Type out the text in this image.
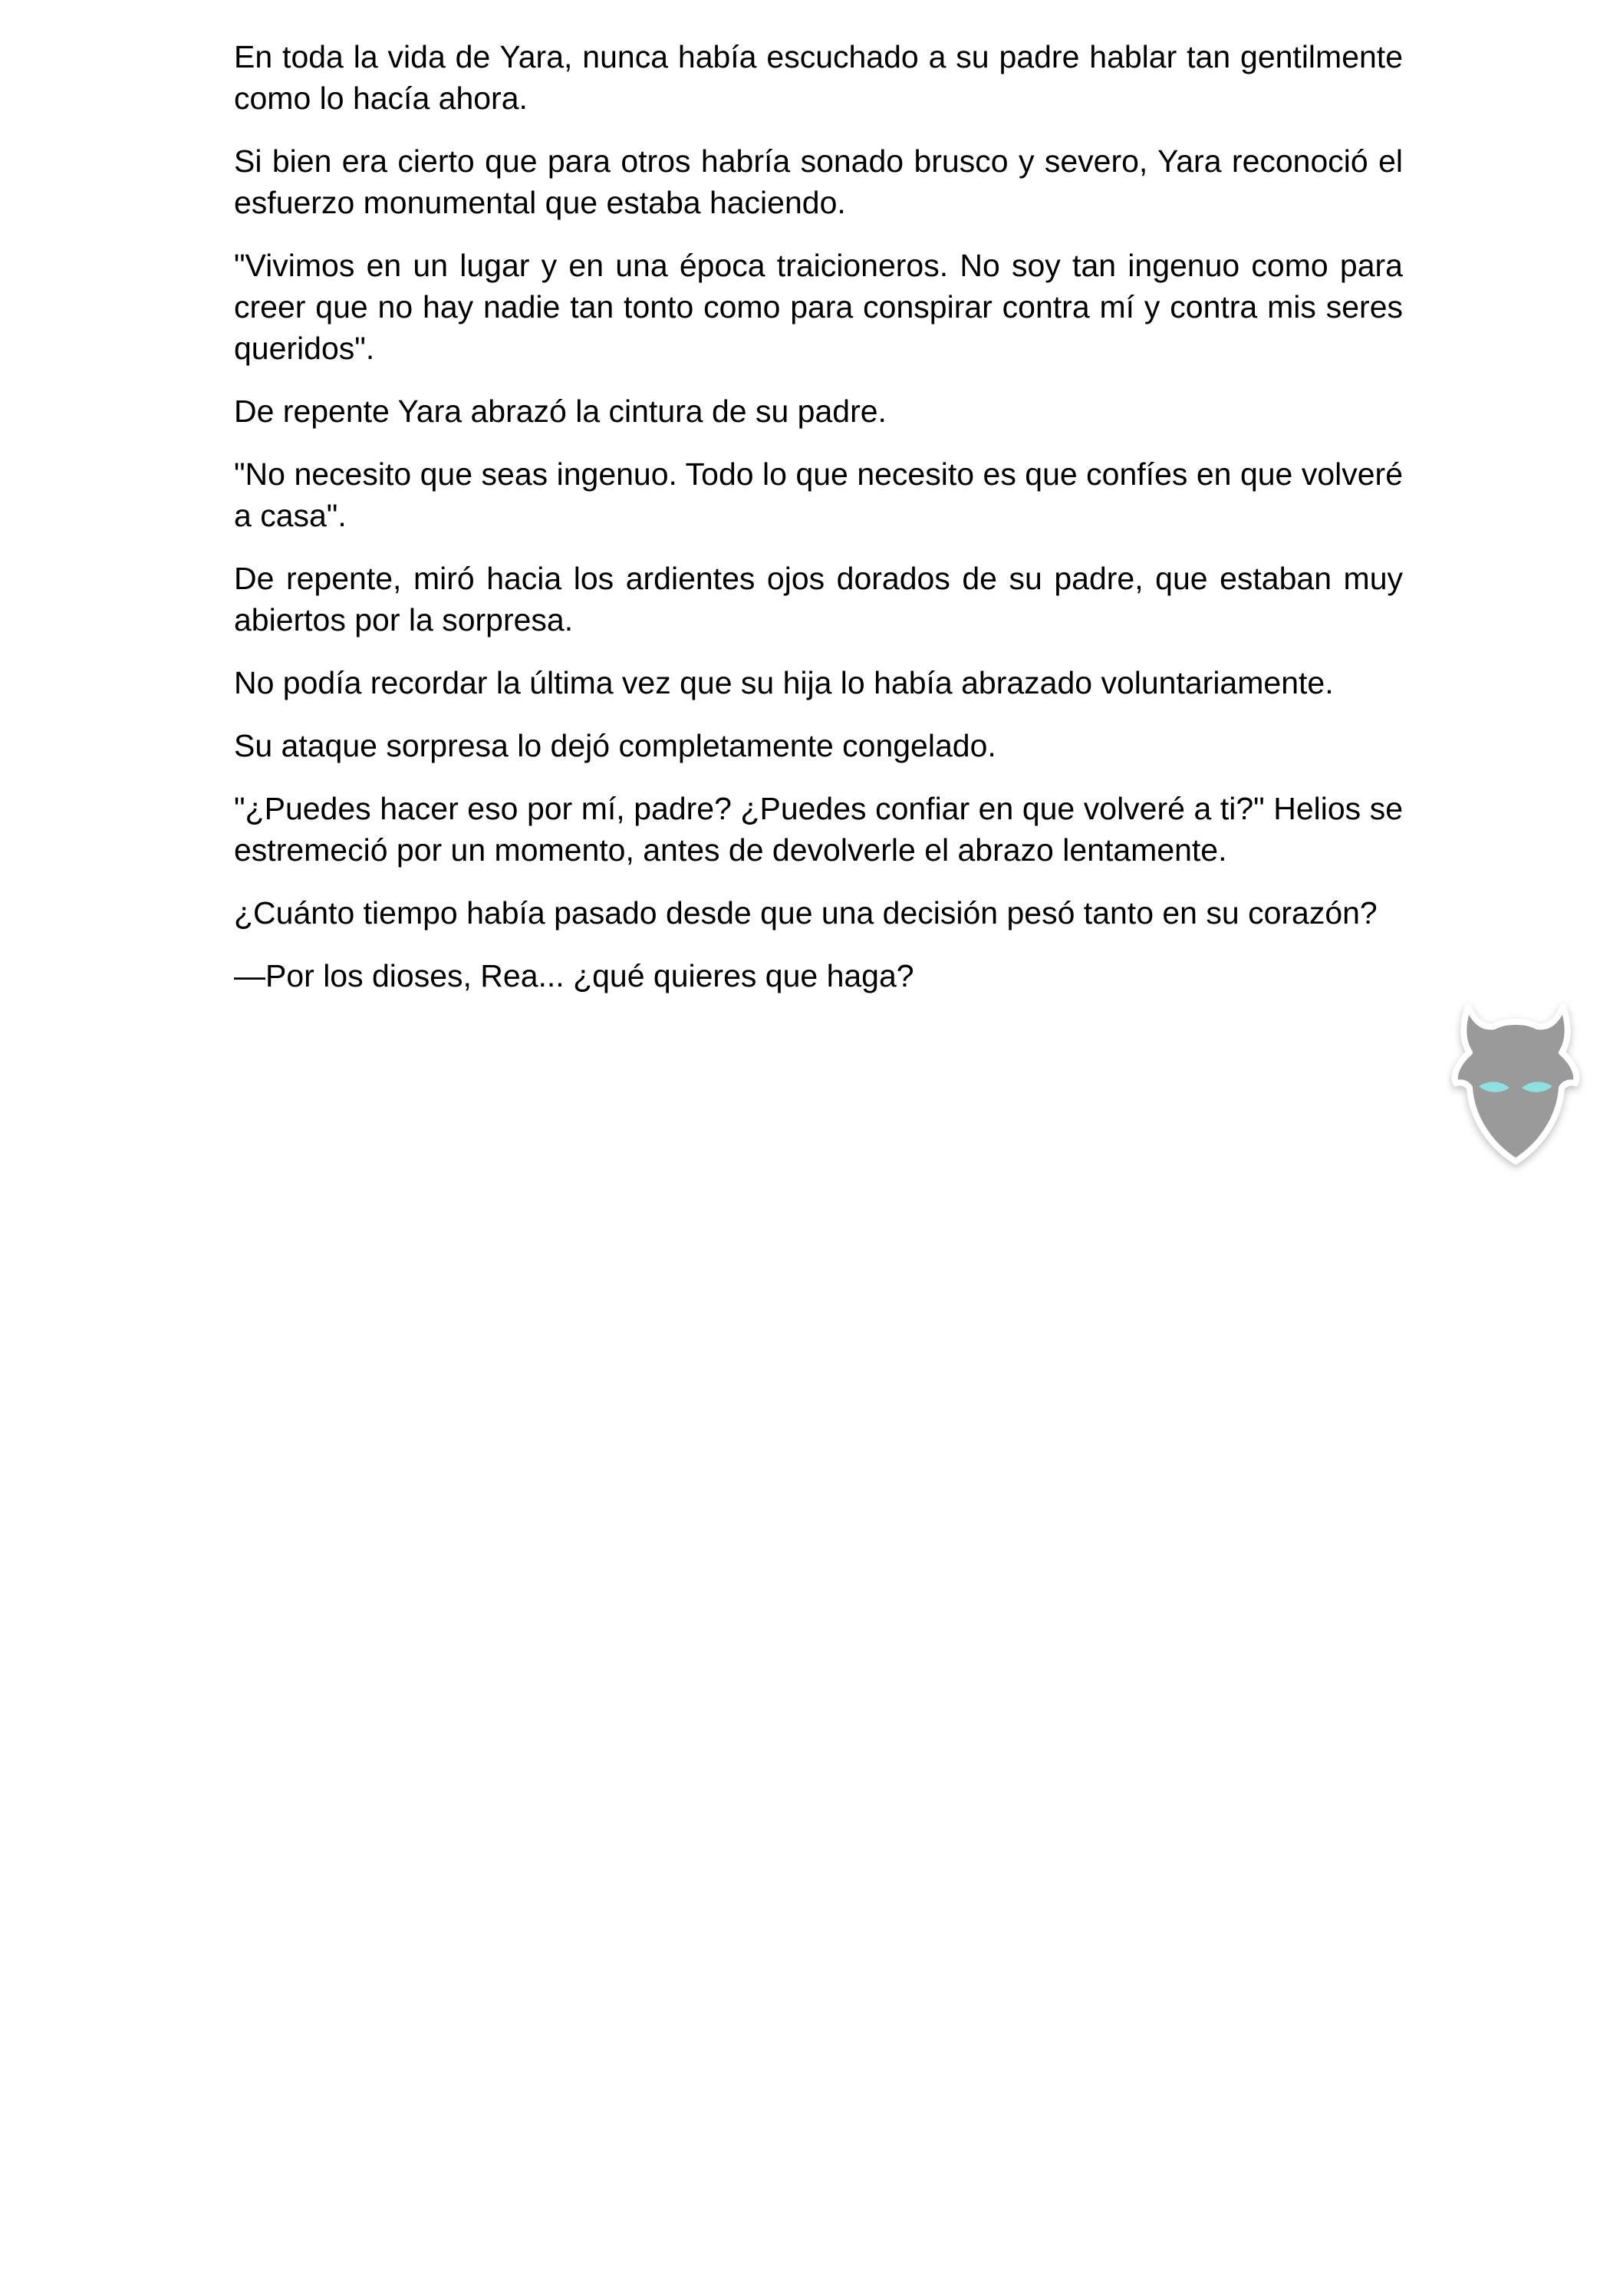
En toda la vida de Yara, nunca había escuchado a su padre hablar tan gentilmente como lo hacía ahora.

Si bien era cierto que para otros habría sonado brusco y severo, Yara reconoció el esfuerzo monumental que estaba haciendo.

"Vivimos en un lugar y en una época traicioneros. No soy tan ingenuo como para creer que no hay nadie tan tonto como para conspirar contra mí y contra mis seres queridos".

De repente Yara abrazó la cintura de su padre.

"No necesito que seas ingenuo. Todo lo que necesito es que confíes en que volveré a casa".

De repente, miró hacia los ardientes ojos dorados de su padre, que estaban muy abiertos por la sorpresa.

No podía recordar la última vez que su hija lo había abrazado voluntariamente.

Su ataque sorpresa lo dejó completamente congelado.

"¿Puedes hacer eso por mí, padre? ¿Puedes confiar en que volveré a ti?" Helios se estremeció por un momento, antes de devolverle el abrazo lentamente.

¿Cuánto tiempo había pasado desde que una decisión pesó tanto en su corazón?

—Por los dioses, Rea... ¿qué quieres que haga?
